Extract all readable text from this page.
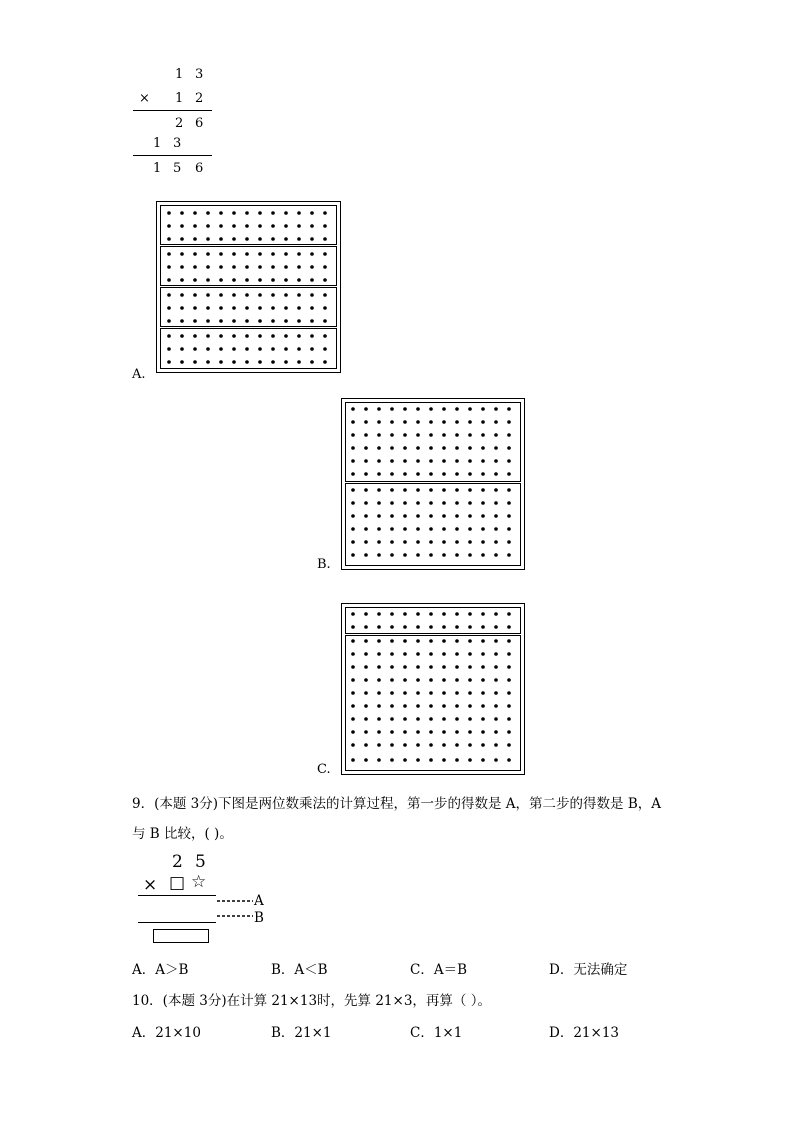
1 3
× 1 2
2 6
1 3
1 5 6
A.
B.
C.
9．(本题 3分)下图是两位数乘法的计算过程，第一步的得数是 A，第二步的得数是 B，A
与 B 比较，( )。
2 5
× □ ☆
A
B
A．A＞B	B．A＜B	C．A＝B	D．无法确定
10．(本题 3分)在计算 21×13时，先算 21×3，再算（ ）。
A．21×10	B．21×1	C．1×1	D．21×13
